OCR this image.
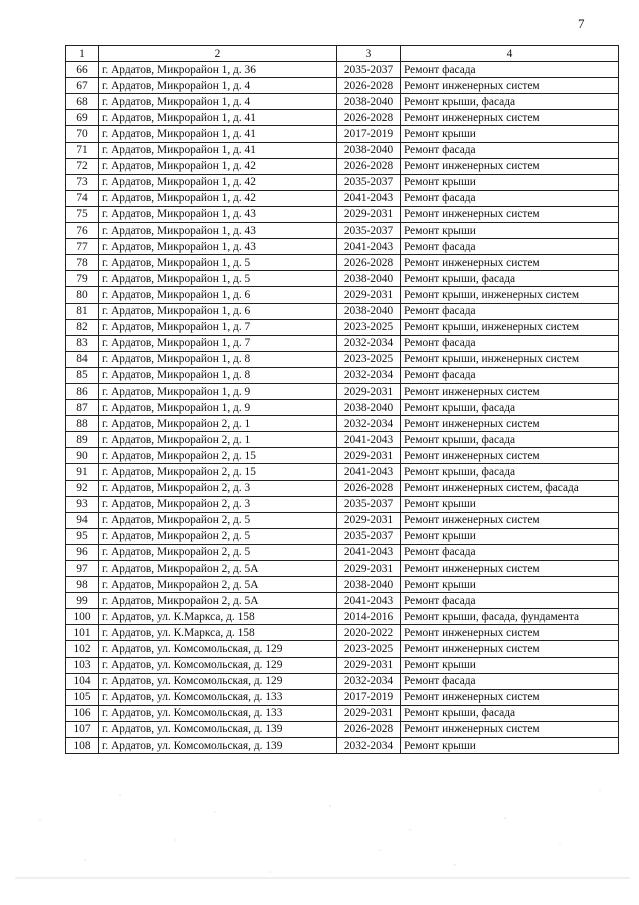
7
1	2	3	4
66	г. Ардатов, Микрорайон 1, д. 36	2035-2037	Ремонт фасада
67	г. Ардатов, Микрорайон 1, д. 4	2026-2028	Ремонт инженерных систем
68	г. Ардатов, Микрорайон 1, д. 4	2038-2040	Ремонт крыши, фасада
69	г. Ардатов, Микрорайон 1, д. 41	2026-2028	Ремонт инженерных систем
70	г. Ардатов, Микрорайон 1, д. 41	2017-2019	Ремонт крыши
71	г. Ардатов, Микрорайон 1, д. 41	2038-2040	Ремонт фасада
72	г. Ардатов, Микрорайон 1, д. 42	2026-2028	Ремонт инженерных систем
73	г. Ардатов, Микрорайон 1, д. 42	2035-2037	Ремонт крыши
74	г. Ардатов, Микрорайон 1, д. 42	2041-2043	Ремонт фасада
75	г. Ардатов, Микрорайон 1, д. 43	2029-2031	Ремонт инженерных систем
76	г. Ардатов, Микрорайон 1, д. 43	2035-2037	Ремонт крыши
77	г. Ардатов, Микрорайон 1, д. 43	2041-2043	Ремонт фасада
78	г. Ардатов, Микрорайон 1, д. 5	2026-2028	Ремонт инженерных систем
79	г. Ардатов, Микрорайон 1, д. 5	2038-2040	Ремонт крыши, фасада
80	г. Ардатов, Микрорайон 1, д. 6	2029-2031	Ремонт крыши, инженерных систем
81	г. Ардатов, Микрорайон 1, д. 6	2038-2040	Ремонт фасада
82	г. Ардатов, Микрорайон 1, д. 7	2023-2025	Ремонт крыши, инженерных систем
83	г. Ардатов, Микрорайон 1, д. 7	2032-2034	Ремонт фасада
84	г. Ардатов, Микрорайон 1, д. 8	2023-2025	Ремонт крыши, инженерных систем
85	г. Ардатов, Микрорайон 1, д. 8	2032-2034	Ремонт фасада
86	г. Ардатов, Микрорайон 1, д. 9	2029-2031	Ремонт инженерных систем
87	г. Ардатов, Микрорайон 1, д. 9	2038-2040	Ремонт крыши, фасада
88	г. Ардатов, Микрорайон 2, д. 1	2032-2034	Ремонт инженерных систем
89	г. Ардатов, Микрорайон 2, д. 1	2041-2043	Ремонт крыши, фасада
90	г. Ардатов, Микрорайон 2, д. 15	2029-2031	Ремонт инженерных систем
91	г. Ардатов, Микрорайон 2, д. 15	2041-2043	Ремонт крыши, фасада
92	г. Ардатов, Микрорайон 2, д. 3	2026-2028	Ремонт инженерных систем, фасада
93	г. Ардатов, Микрорайон 2, д. 3	2035-2037	Ремонт крыши
94	г. Ардатов, Микрорайон 2, д. 5	2029-2031	Ремонт инженерных систем
95	г. Ардатов, Микрорайон 2, д. 5	2035-2037	Ремонт крыши
96	г. Ардатов, Микрорайон 2, д. 5	2041-2043	Ремонт фасада
97	г. Ардатов, Микрорайон 2, д. 5А	2029-2031	Ремонт инженерных систем
98	г. Ардатов, Микрорайон 2, д. 5А	2038-2040	Ремонт крыши
99	г. Ардатов, Микрорайон 2, д. 5А	2041-2043	Ремонт фасада
100	г. Ардатов, ул. К.Маркса, д. 158	2014-2016	Ремонт крыши, фасада, фундамента
101	г. Ардатов, ул. К.Маркса, д. 158	2020-2022	Ремонт инженерных систем
102	г. Ардатов, ул. Комсомольская, д. 129	2023-2025	Ремонт инженерных систем
103	г. Ардатов, ул. Комсомольская, д. 129	2029-2031	Ремонт крыши
104	г. Ардатов, ул. Комсомольская, д. 129	2032-2034	Ремонт фасада
105	г. Ардатов, ул. Комсомольская, д. 133	2017-2019	Ремонт инженерных систем
106	г. Ардатов, ул. Комсомольская, д. 133	2029-2031	Ремонт крыши, фасада
107	г. Ардатов, ул. Комсомольская, д. 139	2026-2028	Ремонт инженерных систем
108	г. Ардатов, ул. Комсомольская, д. 139	2032-2034	Ремонт крыши
